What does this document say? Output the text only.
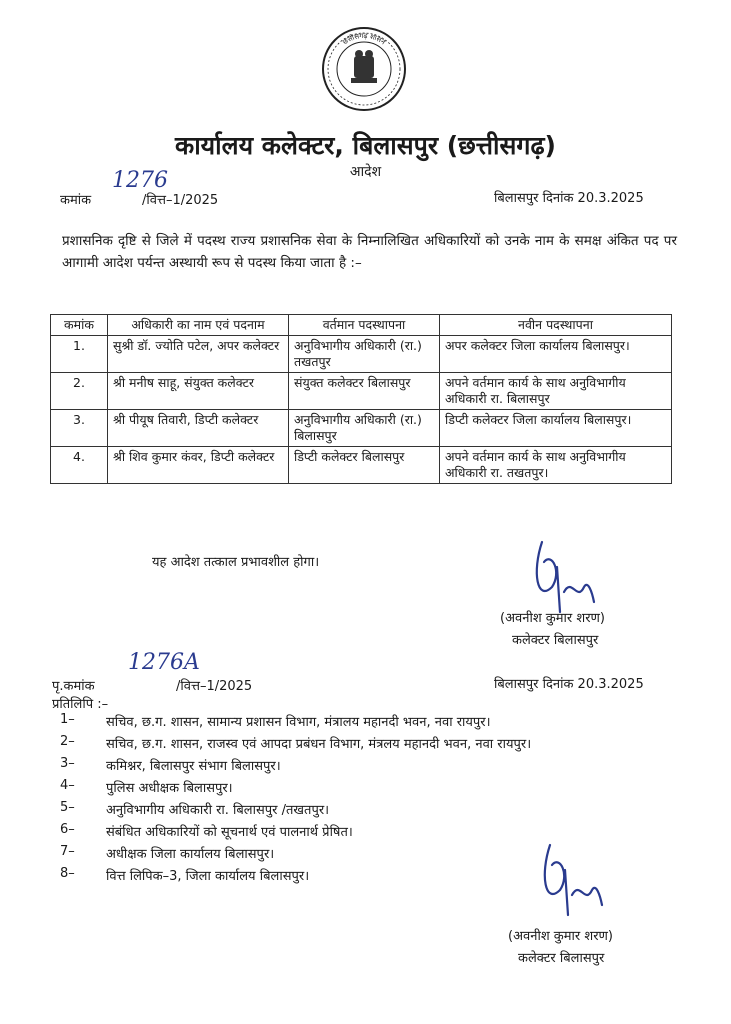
छत्तीसगढ़ शासन
कार्यालय कलेक्टर, बिलासपुर (छत्तीसगढ़)
आदेश
कमांक
1276
/वित्त–1/2025	बिलासपुर दिनांक 20.3.2025
प्रशासनिक दृष्टि से जिले में पदस्थ राज्य प्रशासनिक सेवा के निम्नालिखित अधिकारियों को उनके नाम के समक्ष अंकित पद पर आगामी आदेश पर्यन्त अस्थायी रूप से पदस्थ किया जाता है :–
कमांक	अधिकारी का नाम एवं पदनाम	वर्तमान पदस्थापना	नवीन पदस्थापना
1.	सुश्री डॉ. ज्योति पटेल, अपर कलेक्टर	अनुविभागीय अधिकारी (रा.) तखतपुर	अपर कलेक्टर जिला कार्यालय बिलासपुर।
2.	श्री मनीष साहू, संयुक्त कलेक्टर	संयुक्त कलेक्टर बिलासपुर	अपने वर्तमान कार्य के साथ अनुविभागीय अधिकारी रा. बिलासपुर
3.	श्री पीयूष तिवारी, डिप्टी कलेक्टर	अनुविभागीय अधिकारी (रा.) बिलासपुर	डिप्टी कलेक्टर जिला कार्यालय बिलासपुर।
4.	श्री शिव कुमार कंवर, डिप्टी कलेक्टर	डिप्टी कलेक्टर बिलासपुर	अपने वर्तमान कार्य के साथ अनुविभागीय अधिकारी रा. तखतपुर।
यह आदेश तत्काल प्रभावशील होगा।
(अवनीश कुमार शरण)
कलेक्टर बिलासपुर
पृ.कमांक
1276A
/वित्त–1/2025	बिलासपुर दिनांक 20.3.2025
प्रतिलिपि :–
1–	सचिव, छ.ग. शासन, सामान्य प्रशासन विभाग, मंत्रालय महानदी भवन, नवा रायपुर।
2–	सचिव, छ.ग. शासन, राजस्व एवं आपदा प्रबंधन विभाग, मंत्रलय महानदी भवन, नवा रायपुर।
3–	कमिश्नर, बिलासपुर संभाग बिलासपुर।
4–	पुलिस अधीक्षक बिलासपुर।
5–	अनुविभागीय अधिकारी रा. बिलासपुर /तखतपुर।
6–	संबंधित अधिकारियों को सूचनार्थ एवं पालनार्थ प्रेषित।
7–	अधीक्षक जिला कार्यालय बिलासपुर।
8–	वित्त लिपिक–3, जिला कार्यालय बिलासपुर।
(अवनीश कुमार शरण)
कलेक्टर बिलासपुर
